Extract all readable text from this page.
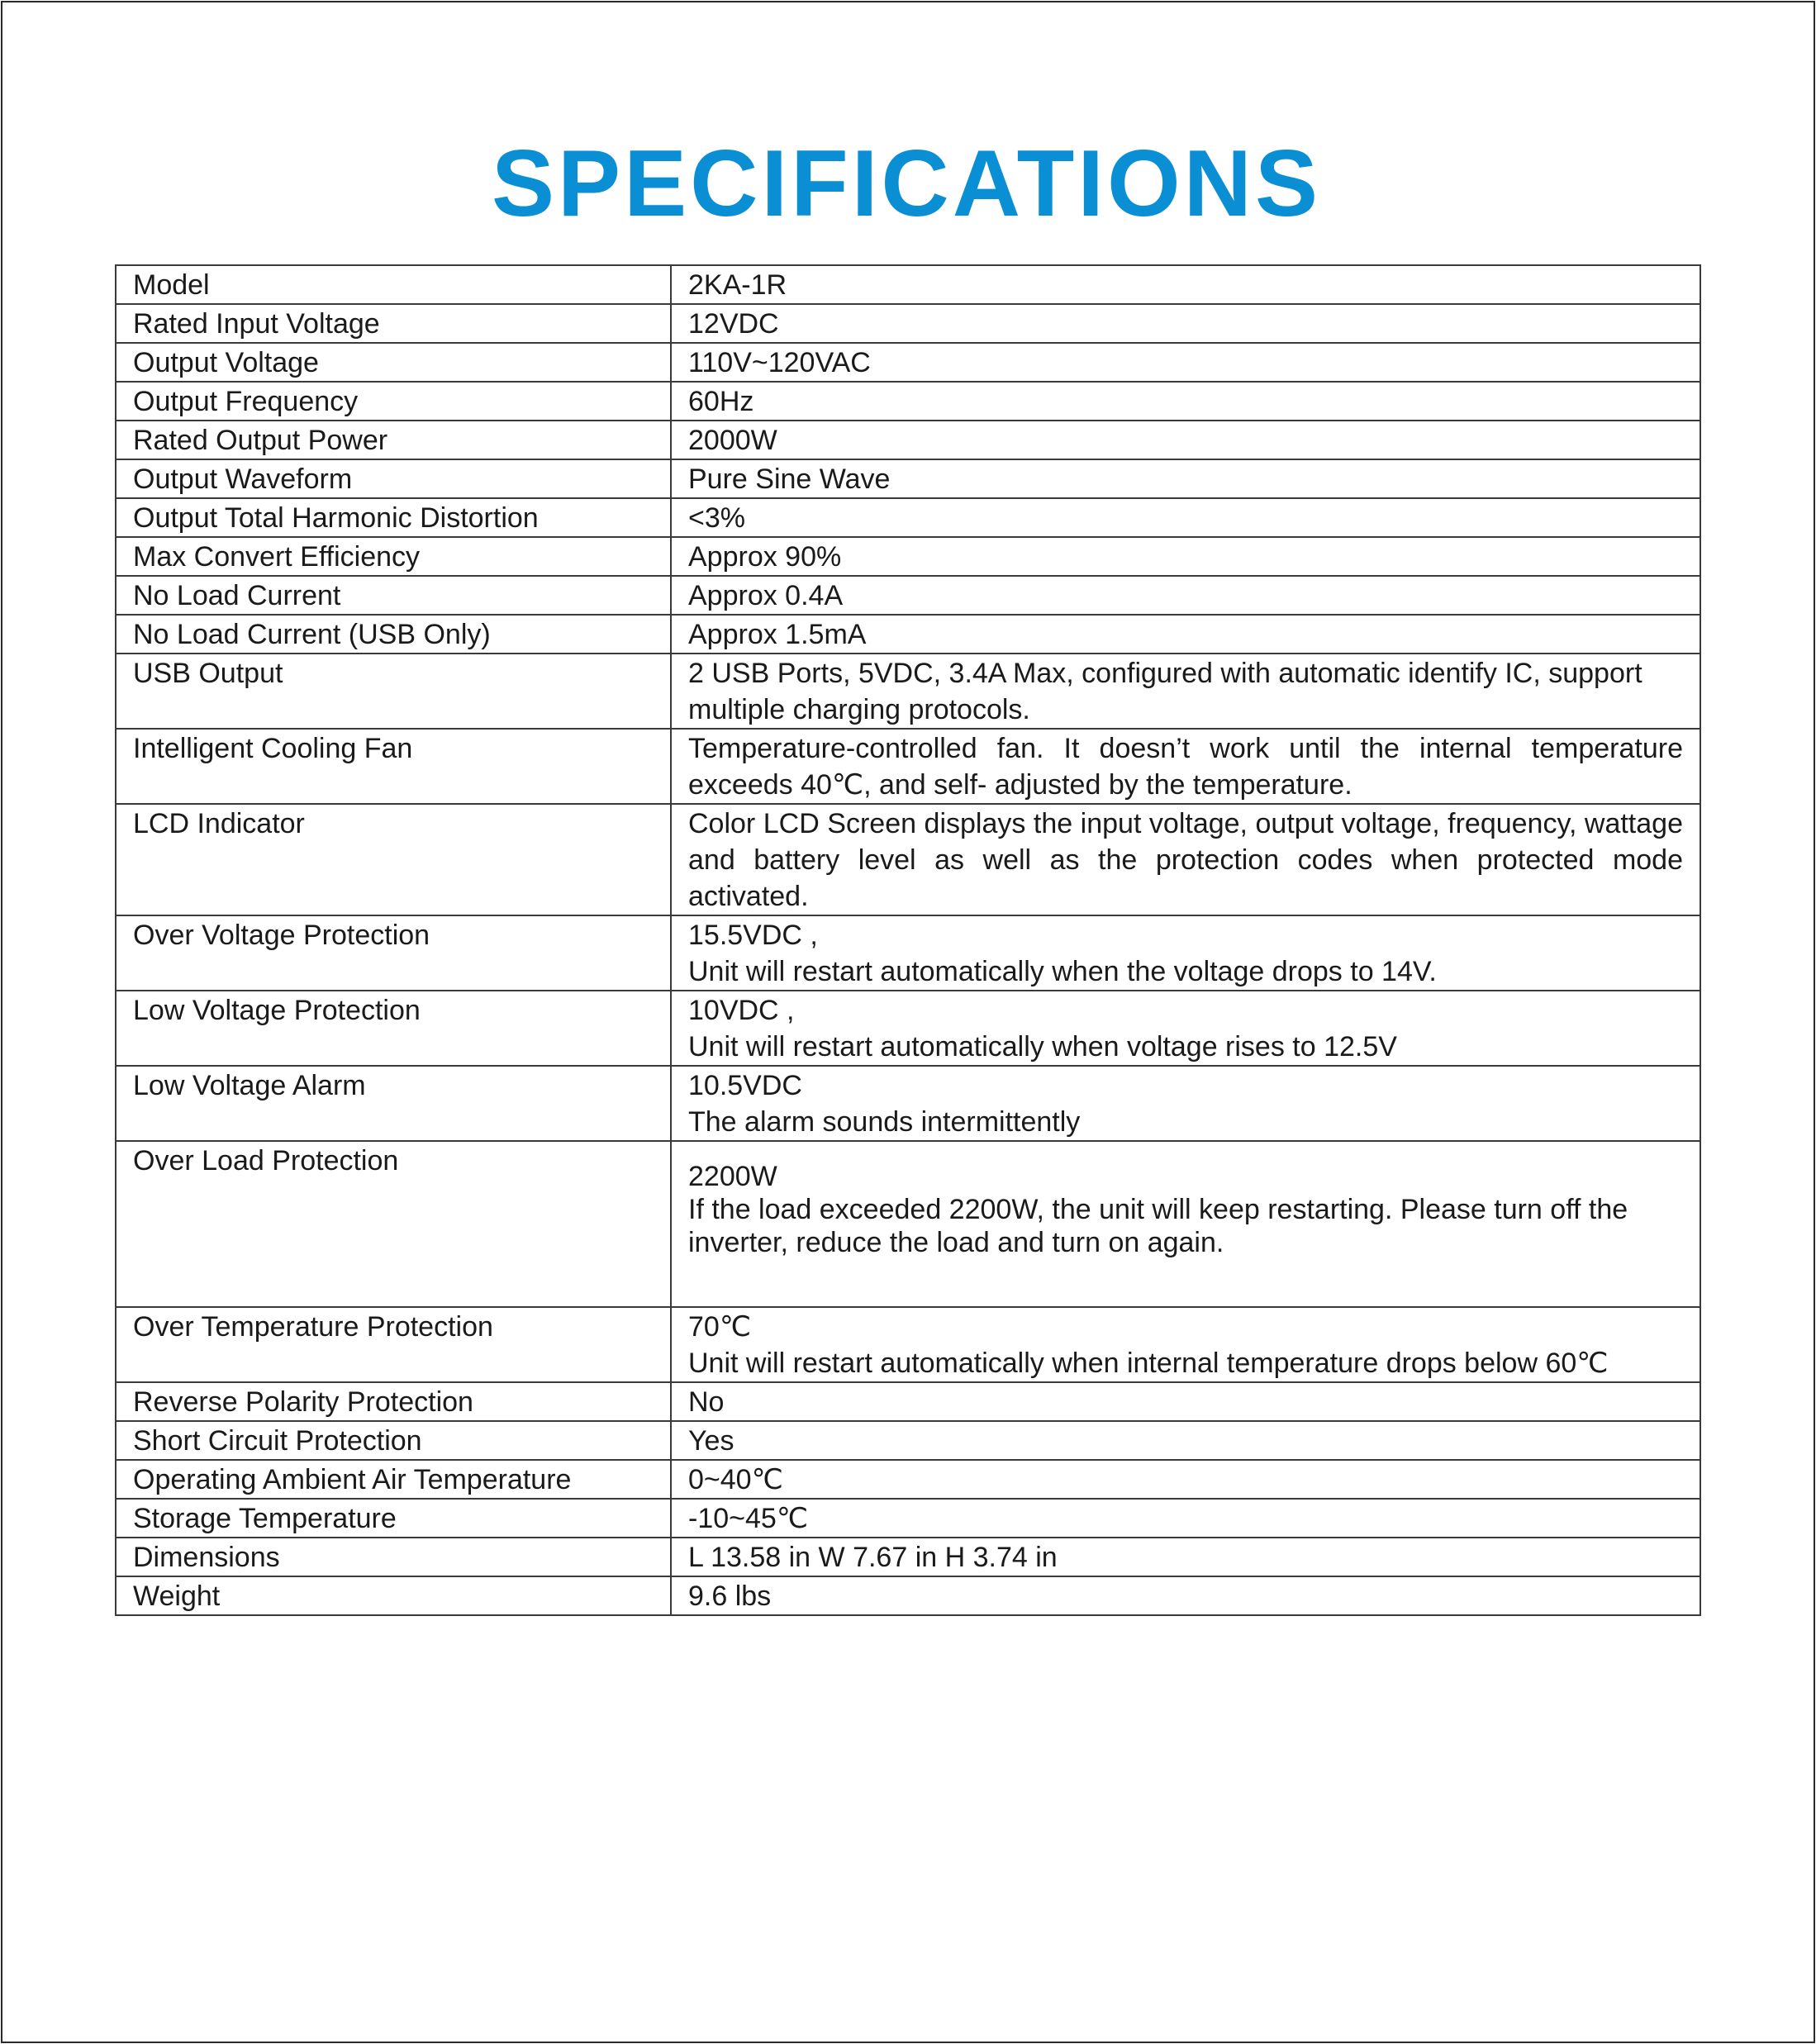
SPECIFICATIONS
Model	2KA-1R

Rated Input Voltage	12VDC

Output Voltage	110V~120VAC

Output Frequency	60Hz

Rated Output Power	2000W

Output Waveform	Pure Sine Wave

Output Total Harmonic Distortion	<3%

Max Convert Efficiency	Approx 90%

No Load Current	Approx 0.4A

No Load Current (USB Only)	Approx 1.5mA

USB Output	2 USB Ports, 5VDC, 3.4A Max, configured with automatic identify IC, support multiple charging protocols.

Intelligent Cooling Fan	Temperature-controlled fan. It doesn’t work until the internal temperature exceeds 40℃, and self- adjusted by the temperature.

LCD Indicator	Color LCD Screen displays the input voltage, output voltage, frequency, wattage and battery level as well as the protection codes when protected mode activated.

Over Voltage Protection	15.5VDC ,
Unit will restart automatically when the voltage drops to 14V.

Low Voltage Protection	10VDC ,
Unit will restart automatically when voltage rises to 12.5V

Low Voltage Alarm	10.5VDC
The alarm sounds intermittently

Over Load Protection	2200W
If the load exceeded 2200W, the unit will keep restarting. Please turn off the inverter, reduce the load and turn on again.

Over Temperature Protection	70℃
Unit will restart automatically when internal temperature drops below 60℃

Reverse Polarity Protection	No

Short Circuit Protection	Yes

Operating Ambient Air Temperature	0~40℃

Storage Temperature	-10~45℃

Dimensions	L 13.58 in W 7.67 in H 3.74 in

Weight	9.6 lbs
